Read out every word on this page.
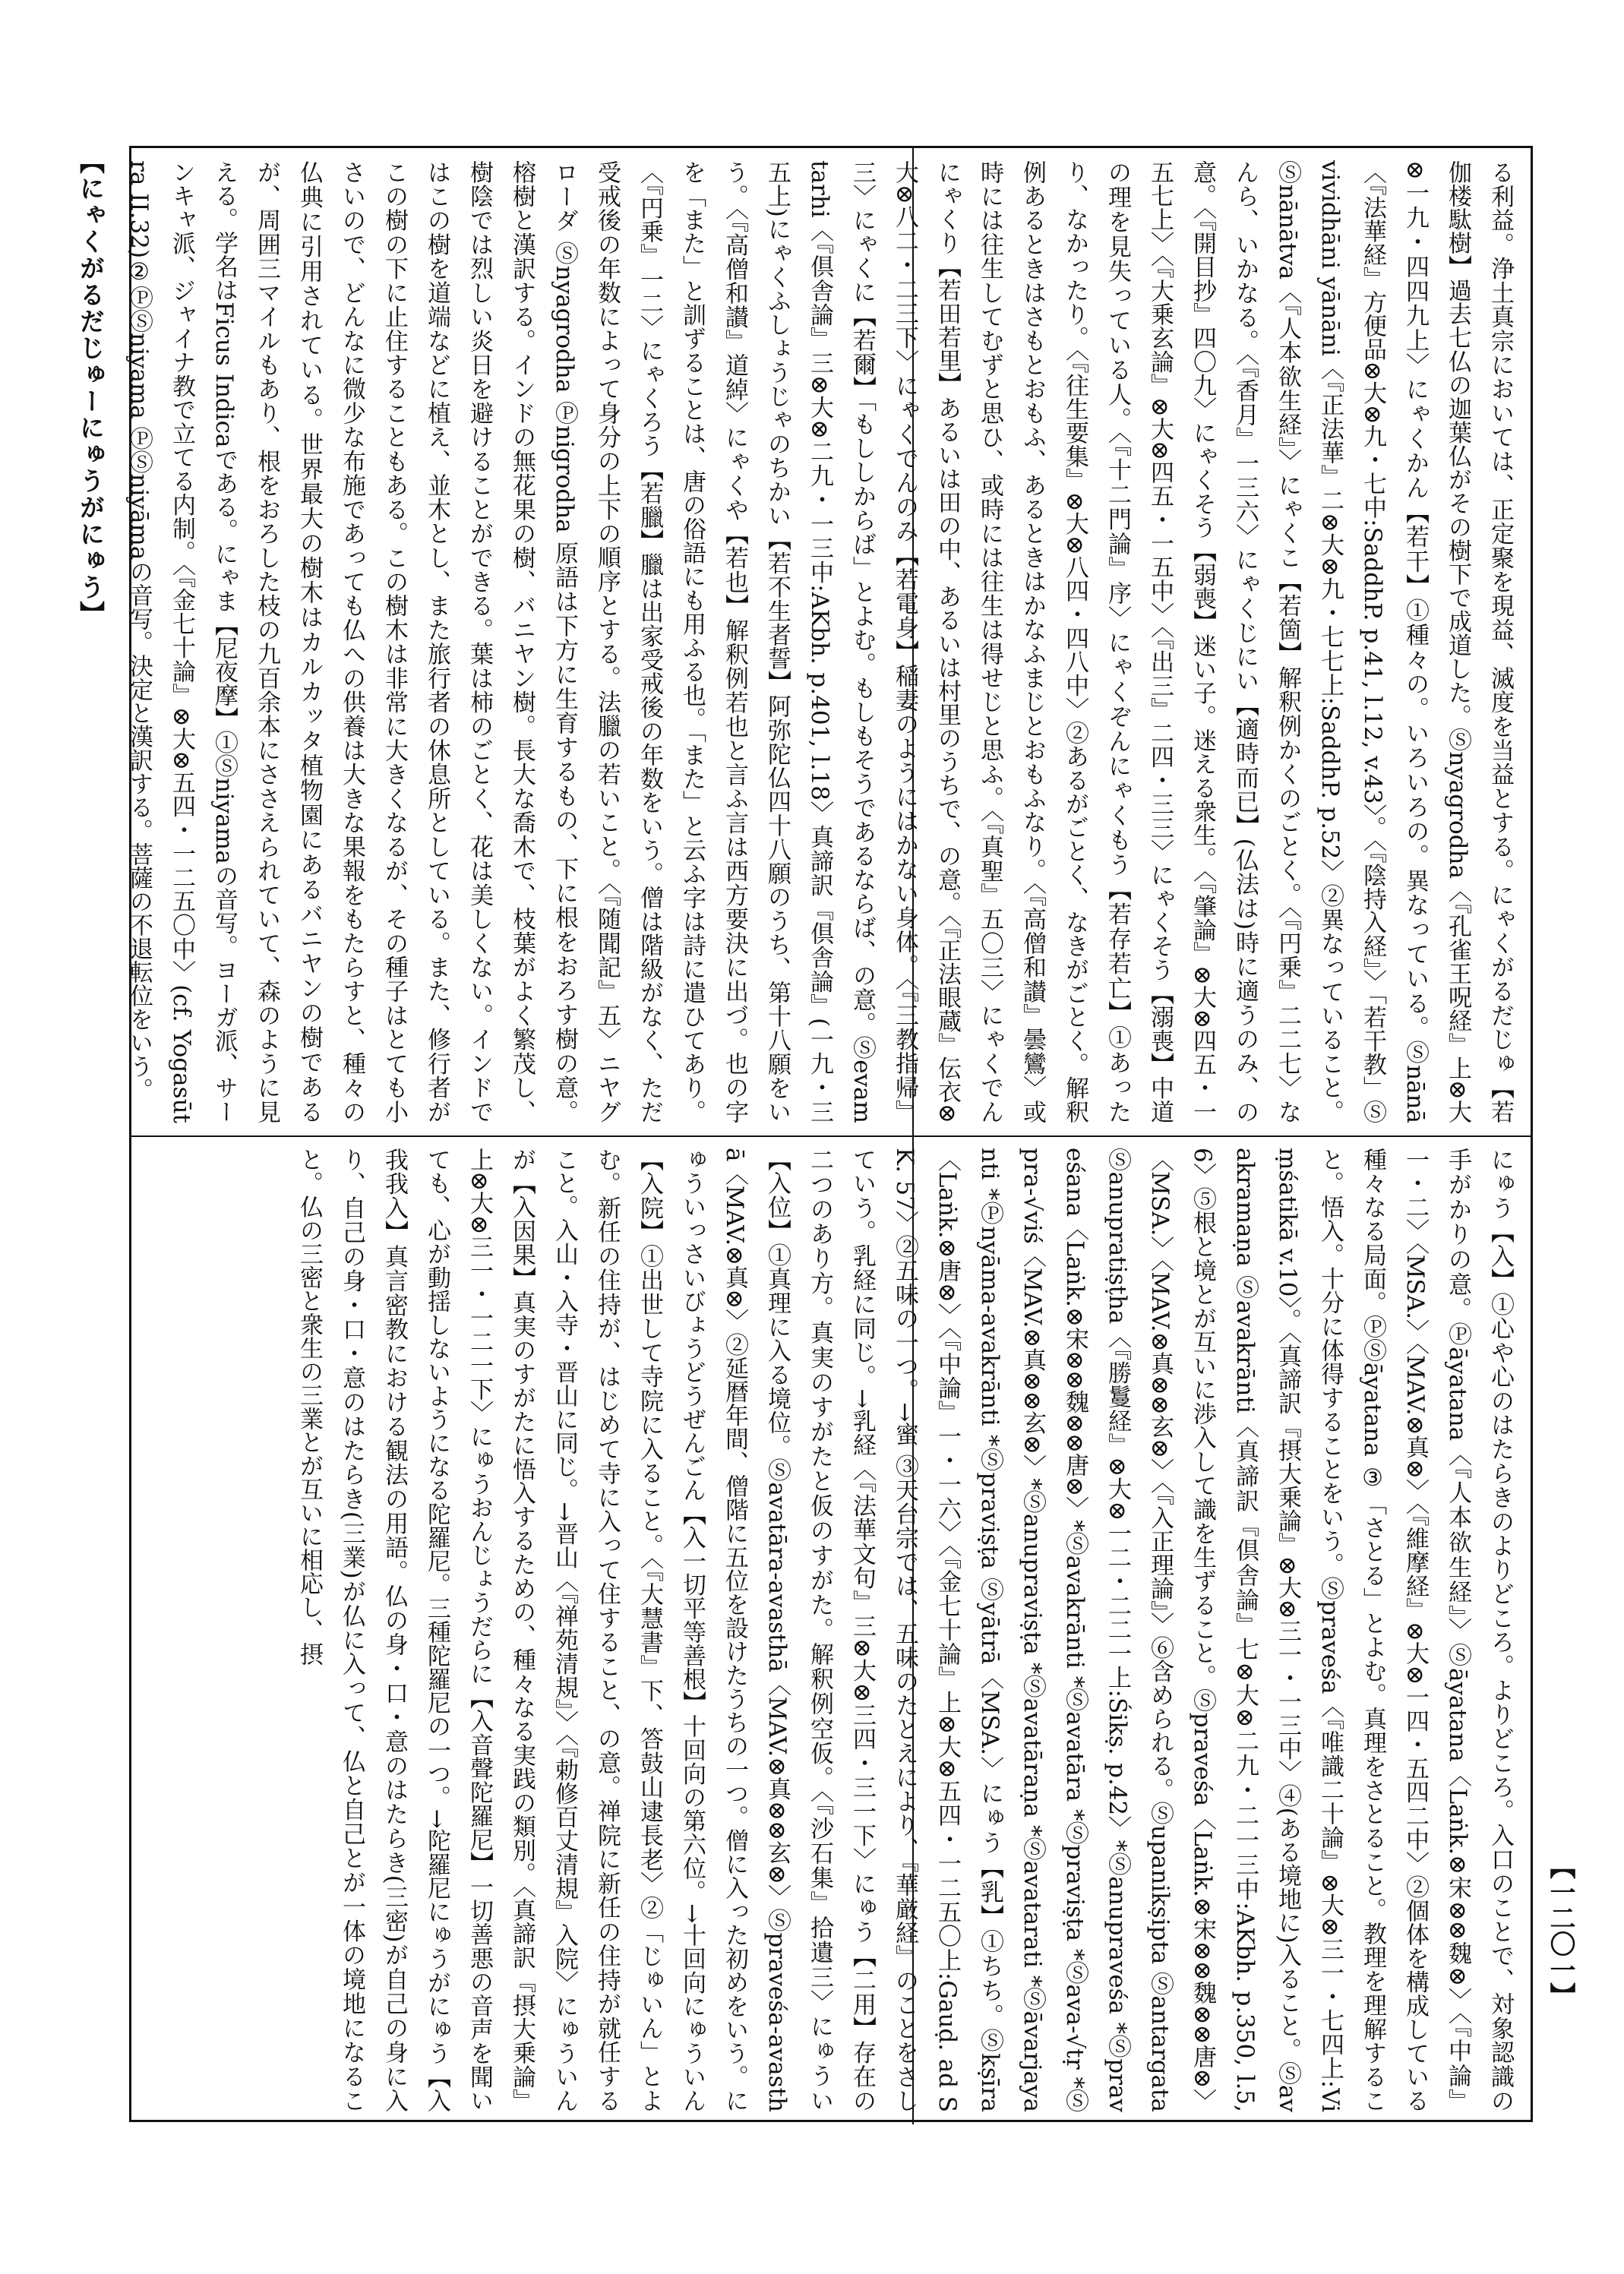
【にゃくがるだじゅーにゅうがにゅう】	る利益。浄土真宗においては、正定聚を現益、滅度を当益とする。にゃくがるだじゅ【若伽楼駄樹】過去七仏の迦葉仏がその樹下で成道した。Ⓢnyagrodha〈『孔雀王呪経』上⊗大⊗一九・四四九上〉にゃくかん【若干】①種々の。いろいろの。異なっている。Ⓢnānā〈『法華経』方便品⊗大⊗九・七中:SaddhP. p.41, l.12, v.43〉。〈『陰持入経』〉「若干教」Ⓢvividhāni yānāni〈『正法華』二⊗大⊗九・七七上:SaddhP. p.52〉②異なっていること。Ⓢnānātva〈『人本欲生経』〉にゃくこ【若箇】解釈例かくのごとく。〈『円乗』二二七〉なんら、いかなる。〈『香月』一三六〉にゃくじにい【適時而已】(仏法は)時に適うのみ、の意。〈『開目抄』四〇九〉にゃくそう【弱喪】迷い子。迷える衆生。〈『肇論』⊗大⊗四五・一五七上〉〈『大乗玄論』⊗大⊗四五・一五中〉〈『出三』二四・三三〉にゃくそう【溺喪】中道の理を見失っている人。〈『十二門論』序〉にゃくぞんにゃくもう【若存若亡】①あったり、なかったり。〈『往生要集』⊗大⊗八四・四八中〉②あるがごとく、なきがごとく。解釈例あるときはさもとおもふ、あるときはかなふまじとおもふなり。〈『高僧和讃』曇鸞〉或時には往生してむずと思ひ、或時には往生は得せじと思ふ。〈『真聖』五〇三〉にゃくでんにゃくり【若田若里】あるいは田の中、あるいは村里のうちで、の意。〈『正法眼蔵』伝衣⊗大⊗八二・二三下〉にゃくでんのみ【若電身】稲妻のようにはかない身体。〈『三教指帰』三〉にゃくに【若爾】「もししからば」とよむ。もしもそうであるならば、の意。Ⓢevam tarhi〈『倶舎論』三⊗大⊗二九・一三中:AKbh. p.401, l.18〉真諦訳『倶舎論』(一九・三五上)にゃくふしょうじゃのちかい【若不生者誓】阿弥陀仏四十八願のうち、第十八願をいう。〈『高僧和讃』道綽〉にゃくや【若也】解釈例若也と言ふ言は西方要決に出づ。也の字を「また」と訓ずることは、唐の俗語にも用ふる也。「また」と云ふ字は詩に遣ひてあり。〈『円乗』一二〉にゃくろう【若臘】臘は出家受戒後の年数をいう。僧は階級がなく、ただ受戒後の年数によって身分の上下の順序とする。法臘の若いこと。〈『随聞記』五〉ニヤグローダ Ⓢnyagrodha Ⓟnigrodha 原語は下方に生育するもの、下に根をおろす樹の意。榕樹と漢訳する。インドの無花果の樹、バニヤン樹。長大な喬木で、枝葉がよく繁茂し、樹陰では烈しい炎日を避けることができる。葉は柿のごとく、花は美しくない。インドではこの樹を道端などに植え、並木とし、また旅行者の休息所としている。また、修行者がこの樹の下に止住することもある。この樹木は非常に大きくなるが、その種子はとても小さいので、どんなに微少な布施であっても仏への供養は大きな果報をもたらすと、種々の仏典に引用されている。世界最大の樹木はカルカッタ植物園にあるバニヤンの樹であるが、周囲三マイルもあり、根をおろした枝の九百余本にささえられていて、森のように見える。学名はFicus Indicaである。にゃま【尼夜摩】①Ⓢniyamaの音写。ヨーガ派、サーンキャ派、ジャイナ教で立てる内制。〈『金七十論』⊗大⊗五四・一二五〇中〉(cf. Yogasūtra II.32)②ⓅⓈniyama ⓅⓈniyāmaの音写。決定と漢訳する。菩薩の不退転位をいう。
にゅう【入】①心や心のはたらきのよりどころ。よりどころ。入口のことで、対象認識の手がかりの意。Ⓟāyatana〈『人本欲生経』〉Ⓢāyatana〈Laṅk.⊗宋⊗⊗魏⊗〉〈『中論』一・二〉〈MSA.〉〈MAV.⊗真⊗〉〈『維摩経』⊗大⊗一四・五四二中〉②個体を構成している種々なる局面。ⓅⓈāyatana ③「さとる」とよむ。真理をさとること。教理を理解すること。悟入。十分に体得することをいう。Ⓢpraveśa〈『唯識二十論』⊗大⊗三一・七四上:Viṃśatikā v.10〉。〈真諦訳『摂大乗論』⊗大⊗三一・一三中〉④(ある境地に)入ること。Ⓢavakramaṇa Ⓢavakrānti〈真諦訳『倶舎論』七⊗大⊗二九・二一三中:AKbh. p.350, l.5, 6〉⑤根と境とが互いに渉入して識を生ずること。Ⓢpraveśa〈Laṅk.⊗宋⊗⊗魏⊗⊗唐⊗〉〈MSA.〉〈MAV.⊗真⊗⊗玄⊗〉〈『入正理論』〉⑥含められる。Ⓢupanikṣipta Ⓢantargata Ⓢanupratiṣṭha〈『勝鬘経』⊗大⊗一二・二二一上:Śikṣ. p.42〉*Ⓢanupraveśa *Ⓢpraveśana〈Laṅk.⊗宋⊗⊗魏⊗⊗唐⊗〉*Ⓢavakrānti *Ⓢavatāra *Ⓢpraviṣṭa *Ⓢava-√tṛ *Ⓢpra-√viś〈MAV.⊗真⊗⊗玄⊗〉*Ⓢanupraviṣṭa *Ⓢavatāraṇa *Ⓢavatarati *Ⓢāvarjayanti *Ⓟnyāma-avakrānti *Ⓢpraviṣṭa Ⓢyātrā〈MSA.〉にゅう【乳】①ちち。Ⓢkṣīra〈Laṅk.⊗唐⊗〉〈『中論』一・一六〉〈『金七十論』上⊗大⊗五四・一二五〇上:Gauḍ. ad SK. 57〉②五味の一つ。→蜜 ③天台宗では、五味のたとえにより、『華厳経』のことをさしていう。乳経に同じ。→乳経〈『法華文句』三⊗大⊗三四・三一下〉にゅう【二用】存在の二つのあり方。真実のすがたと仮のすがた。解釈例空仮。〈『沙石集』拾遺三〉にゅうい【入位】①真理に入る境位。Ⓢavatāra-avasthā〈MAV.⊗真⊗⊗玄⊗〉Ⓢpraveśa-avasthā〈MAV.⊗真⊗〉②延暦年間、僧階に五位を設けたうちの一つ。僧に入った初めをいう。にゅういっさいびょうどうぜんごん【入一切平等善根】十回向の第六位。→十回向にゅういん【入院】①出世して寺院に入ること。〈『大慧書』下、答鼓山逮長老〉②「じゅいん」とよむ。新任の住持が、はじめて寺に入って住すること、の意。禅院に新任の住持が就任すること。入山・入寺・晋山に同じ。→晋山〈『禅苑清規』〉〈『勅修百丈清規』入院〉にゅういんが【入因果】真実のすがたに悟入するための、種々なる実践の類別。〈真諦訳『摂大乗論』上⊗大⊗三一・一二一下〉にゅうおんじょうだらに【入音聲陀羅尼】一切善悪の音声を聞いても、心が動揺しないようになる陀羅尼。三種陀羅尼の一つ。→陀羅尼にゅうがにゅう【入我我入】真言密教における観法の用語。仏の身・口・意のはたらき(三密)が自己の身に入り、自己の身・口・意のはたらき(三業)が仏に入って、仏と自己とが一体の境地になること。仏の三密と衆生の三業とが互いに相応し、摂
【一二〇一】
